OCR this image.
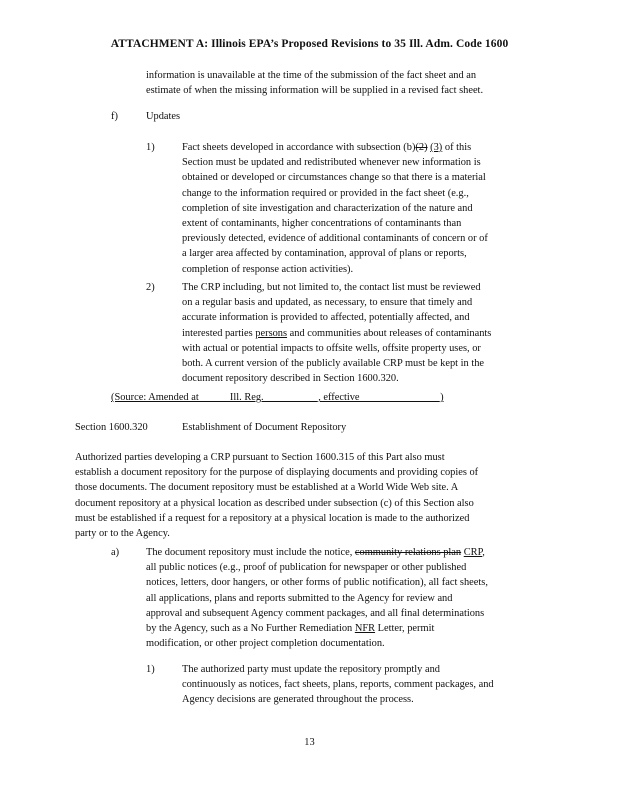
ATTACHMENT A: Illinois EPA’s Proposed Revisions to 35 Ill. Adm. Code 1600
information is unavailable at the time of the submission of the fact sheet and an
estimate of when the missing information will be supplied in a revised fact sheet.
f)	Updates
1)	Fact sheets developed in accordance with subsection (b)(2) (3) of this
Section must be updated and redistributed whenever new information is
obtained or developed or circumstances change so that there is a material
change to the information required or provided in the fact sheet (e.g.,
completion of site investigation and characterization of the nature and
extent of contaminants, higher concentrations of contaminants than
previously detected, evidence of additional contaminants of concern or of
a larger area affected by contamination, approval of plans or reports,
completion of response action activities).
2)	The CRP including, but not limited to, the contact list must be reviewed
on a regular basis and updated, as necessary, to ensure that timely and
accurate information is provided to affected, potentially affected, and
interested parties persons and communities about releases of contaminants
with actual or potential impacts to offsite wells, offsite property uses, or
both. A current version of the publicly available CRP must be kept in the
document repository described in Section 1600.320.
(Source: Amended at _____ Ill. Reg. __________, effective _______________)
Section 1600.320	Establishment of Document Repository
Authorized parties developing a CRP pursuant to Section 1600.315 of this Part also must
establish a document repository for the purpose of displaying documents and providing copies of
those documents. The document repository must be established at a World Wide Web site. A
document repository at a physical location as described under subsection (c) of this Section also
must be established if a request for a repository at a physical location is made to the authorized
party or to the Agency.
a)	The document repository must include the notice, community relations plan CRP,
all public notices (e.g., proof of publication for newspaper or other published
notices, letters, door hangers, or other forms of public notification), all fact sheets,
all applications, plans and reports submitted to the Agency for review and
approval and subsequent Agency comment packages, and all final determinations
by the Agency, such as a No Further Remediation NFR Letter, permit
modification, or other project completion documentation.
1)	The authorized party must update the repository promptly and
continuously as notices, fact sheets, plans, reports, comment packages, and
Agency decisions are generated throughout the process.
13
